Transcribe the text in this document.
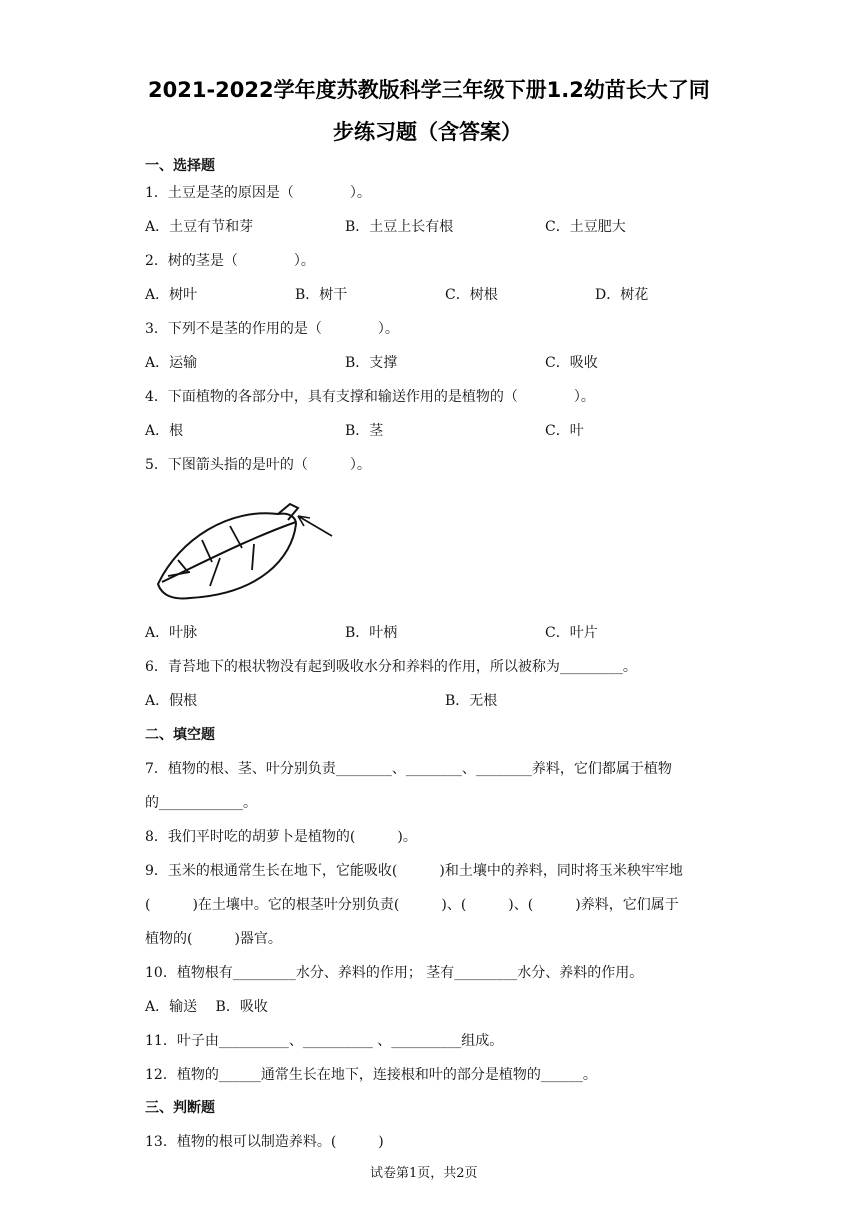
2021-2022学年度苏教版科学三年级下册1.2幼苗长大了同
步练习题（含答案）
一、选择题
1．土豆是茎的原因是（　　　　）。
A．土豆有节和芽	B．土豆上长有根	C．土豆肥大
2．树的茎是（　　　　）。
A．树叶	B．树干	C．树根	D．树花
3．下列不是茎的作用的是（　　　　）。
A．运输	B．支撑	C．吸收
4．下面植物的各部分中，具有支撑和输送作用的是植物的（　　　　）。
A．根	B．茎	C．叶
5．下图箭头指的是叶的（　　　）。
A．叶脉	B．叶柄	C．叶片
6．青苔地下的根状物没有起到吸收水分和养料的作用，所以被称为_________。
A．假根	B．无根
二、填空题
7．植物的根、茎、叶分别负责________、________、________养料，它们都属于植物
的____________。
8．我们平时吃的胡萝卜是植物的(　　　)。
9．玉米的根通常生长在地下，它能吸收(　　　)和土壤中的养料，同时将玉米秧牢牢地
(　　　)在土壤中。它的根茎叶分别负责(　　　)、(　　　)、(　　　)养料，它们属于
植物的(　　　)器官。
10．植物根有_________水分、养料的作用； 茎有_________水分、养料的作用。
A．输送　 B．吸收
11．叶子由__________、__________ 、__________组成。
12．植物的______通常生长在地下，连接根和叶的部分是植物的______。
三、判断题
13．植物的根可以制造养料。(　　　)
试卷第1页，共2页
